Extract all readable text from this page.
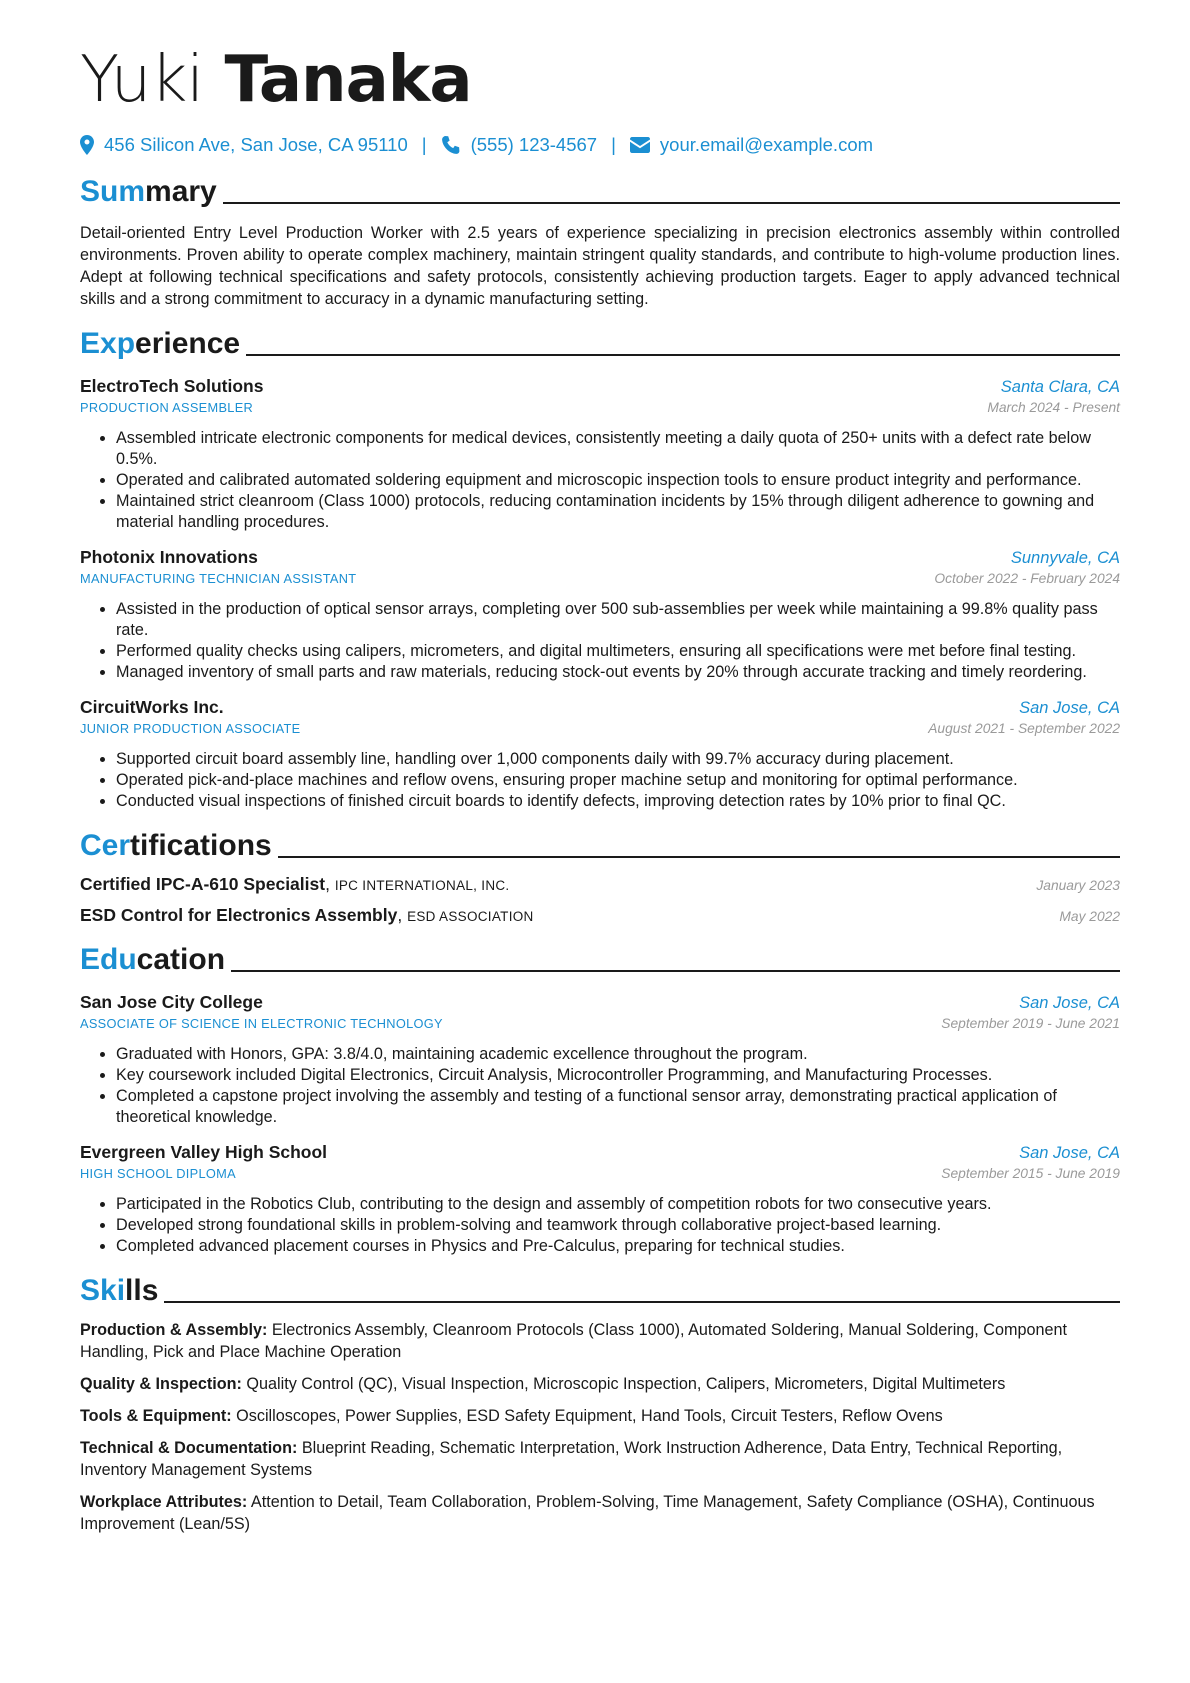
Yuki Tanaka
456 Silicon Ave, San Jose, CA 95110 | (555) 123-4567 | your.email@example.com
Summary
Detail-oriented Entry Level Production Worker with 2.5 years of experience specializing in precision electronics assembly within controlled environments. Proven ability to operate complex machinery, maintain stringent quality standards, and contribute to high-volume production lines. Adept at following technical specifications and safety protocols, consistently achieving production targets. Eager to apply advanced technical skills and a strong commitment to accuracy in a dynamic manufacturing setting.
Experience
ElectroTech Solutions	Santa Clara, CA
PRODUCTION ASSEMBLER	March 2024 - Present
• Assembled intricate electronic components for medical devices, consistently meeting a daily quota of 250+ units with a defect rate below 0.5%.
• Operated and calibrated automated soldering equipment and microscopic inspection tools to ensure product integrity and performance.
• Maintained strict cleanroom (Class 1000) protocols, reducing contamination incidents by 15% through diligent adherence to gowning and material handling procedures.
Photonix Innovations	Sunnyvale, CA
MANUFACTURING TECHNICIAN ASSISTANT	October 2022 - February 2024
• Assisted in the production of optical sensor arrays, completing over 500 sub-assemblies per week while maintaining a 99.8% quality pass rate.
• Performed quality checks using calipers, micrometers, and digital multimeters, ensuring all specifications were met before final testing.
• Managed inventory of small parts and raw materials, reducing stock-out events by 20% through accurate tracking and timely reordering.
CircuitWorks Inc.	San Jose, CA
JUNIOR PRODUCTION ASSOCIATE	August 2021 - September 2022
• Supported circuit board assembly line, handling over 1,000 components daily with 99.7% accuracy during placement.
• Operated pick-and-place machines and reflow ovens, ensuring proper machine setup and monitoring for optimal performance.
• Conducted visual inspections of finished circuit boards to identify defects, improving detection rates by 10% prior to final QC.
Certifications
Certified IPC-A-610 Specialist, IPC INTERNATIONAL, INC.	January 2023
ESD Control for Electronics Assembly, ESD ASSOCIATION	May 2022
Education
San Jose City College	San Jose, CA
ASSOCIATE OF SCIENCE IN ELECTRONIC TECHNOLOGY	September 2019 - June 2021
• Graduated with Honors, GPA: 3.8/4.0, maintaining academic excellence throughout the program.
• Key coursework included Digital Electronics, Circuit Analysis, Microcontroller Programming, and Manufacturing Processes.
• Completed a capstone project involving the assembly and testing of a functional sensor array, demonstrating practical application of theoretical knowledge.
Evergreen Valley High School	San Jose, CA
HIGH SCHOOL DIPLOMA	September 2015 - June 2019
• Participated in the Robotics Club, contributing to the design and assembly of competition robots for two consecutive years.
• Developed strong foundational skills in problem-solving and teamwork through collaborative project-based learning.
• Completed advanced placement courses in Physics and Pre-Calculus, preparing for technical studies.
Skills
Production & Assembly: Electronics Assembly, Cleanroom Protocols (Class 1000), Automated Soldering, Manual Soldering, Component Handling, Pick and Place Machine Operation
Quality & Inspection: Quality Control (QC), Visual Inspection, Microscopic Inspection, Calipers, Micrometers, Digital Multimeters
Tools & Equipment: Oscilloscopes, Power Supplies, ESD Safety Equipment, Hand Tools, Circuit Testers, Reflow Ovens
Technical & Documentation: Blueprint Reading, Schematic Interpretation, Work Instruction Adherence, Data Entry, Technical Reporting, Inventory Management Systems
Workplace Attributes: Attention to Detail, Team Collaboration, Problem-Solving, Time Management, Safety Compliance (OSHA), Continuous Improvement (Lean/5S)
